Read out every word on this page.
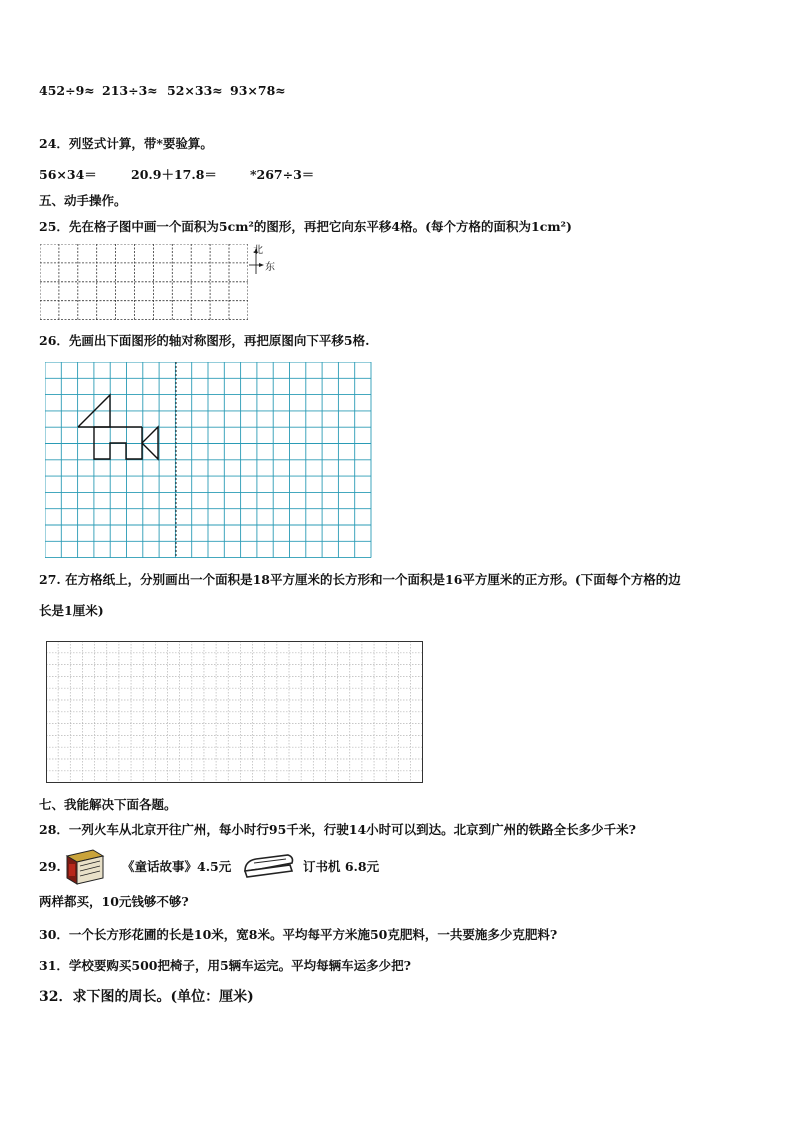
452÷9≈ 213÷3≈ 52×33≈ 93×78≈
24．列竖式计算，带*要验算。
56×34＝	20.9＋17.8＝	*267÷3＝
五、动手操作。
25．先在格子图中画一个面积为5cm²的图形，再把它向东平移4格。(每个方格的面积为1cm²)
北
东
26．先画出下面图形的轴对称图形，再把原图向下平移5格.
27. 在方格纸上，分别画出一个面积是18平方厘米的长方形和一个面积是16平方厘米的正方形。(下面每个方格的边
长是1厘米)
七、我能解决下面各题。
28．一列火车从北京开往广州，每小时行95千米，行驶14小时可以到达。北京到广州的铁路全长多少千米?
29.	《童话故事》4.5元	订书机 6.8元
两样都买，10元钱够不够?
30．一个长方形花圃的长是10米，宽8米。平均每平方米施50克肥料，一共要施多少克肥料?
31．学校要购买500把椅子，用5辆车运完。平均每辆车运多少把?
32．求下图的周长。(单位：厘米)
